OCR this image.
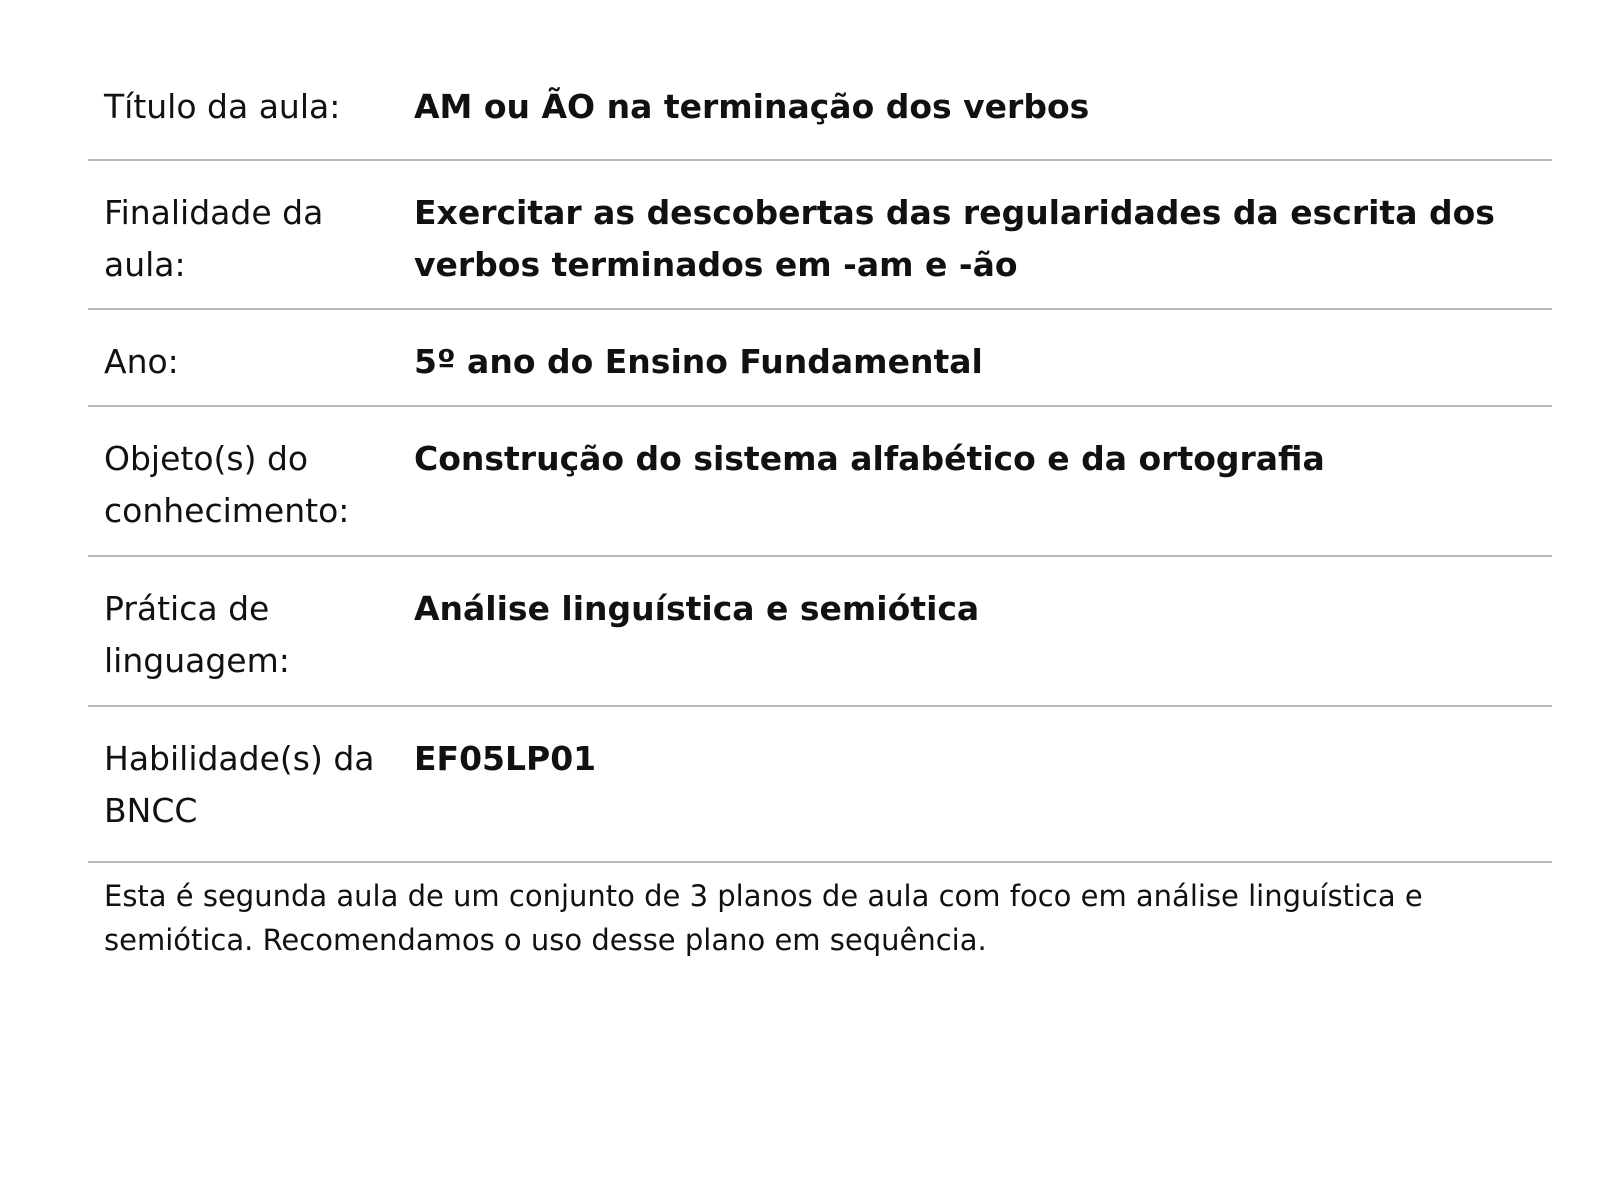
Título da aula:	AM ou ÃO na terminação dos verbos
Finalidade da aula:
Exercitar as descobertas das regularidades da escrita dos verbos terminados em -am e -ão
Ano:	5º ano do Ensino Fundamental
Objeto(s) do conhecimento:
Construção do sistema alfabético e da ortografia
Prática de linguagem:
Análise linguística e semiótica
Habilidade(s) da BNCC
EF05LP01
Esta é segunda aula de um conjunto de 3 planos de aula com foco em análise linguística e semiótica. Recomendamos o uso desse plano em sequência.
